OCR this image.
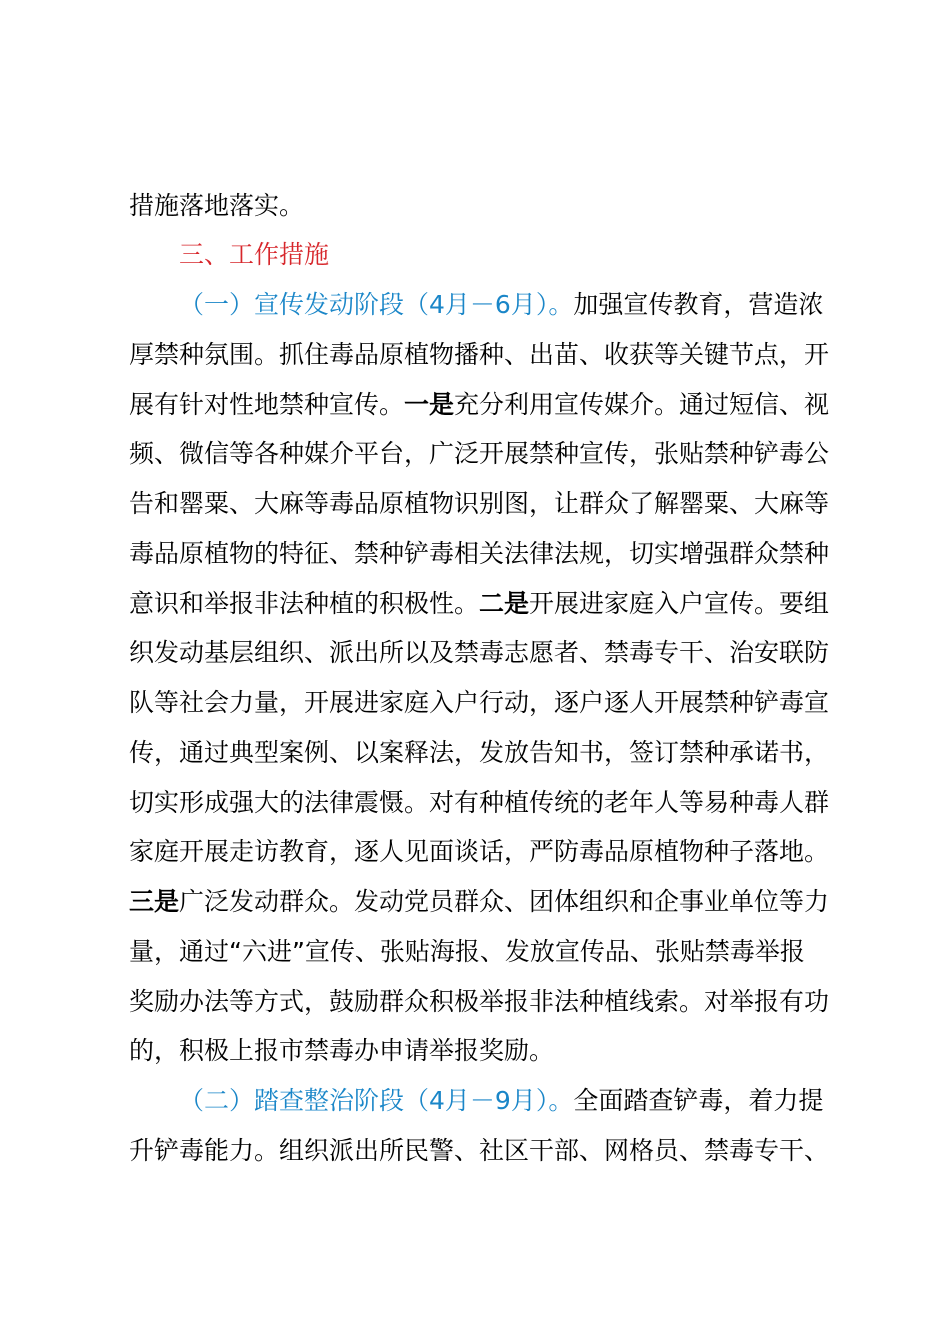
措施落地落实。
三、工作措施
（一）宣传发动阶段（4月－6月）。加强宣传教育，营造浓
厚禁种氛围。抓住毒品原植物播种、出苗、收获等关键节点，开
展有针对性地禁种宣传。一是充分利用宣传媒介。通过短信、视
频、微信等各种媒介平台，广泛开展禁种宣传，张贴禁种铲毒公
告和罂粟、大麻等毒品原植物识别图，让群众了解罂粟、大麻等
毒品原植物的特征、禁种铲毒相关法律法规，切实增强群众禁种
意识和举报非法种植的积极性。二是开展进家庭入户宣传。要组
织发动基层组织、派出所以及禁毒志愿者、禁毒专干、治安联防
队等社会力量，开展进家庭入户行动，逐户逐人开展禁种铲毒宣
传，通过典型案例、以案释法，发放告知书，签订禁种承诺书，
切实形成强大的法律震慑。对有种植传统的老年人等易种毒人群
家庭开展走访教育，逐人见面谈话，严防毒品原植物种子落地。
三是广泛发动群众。发动党员群众、团体组织和企事业单位等力
量，通过“六进”宣传、张贴海报、发放宣传品、张贴禁毒举报
奖励办法等方式，鼓励群众积极举报非法种植线索。对举报有功
的，积极上报市禁毒办申请举报奖励。
（二）踏查整治阶段（4月－9月）。全面踏查铲毒，着力提
升铲毒能力。组织派出所民警、社区干部、网格员、禁毒专干、
